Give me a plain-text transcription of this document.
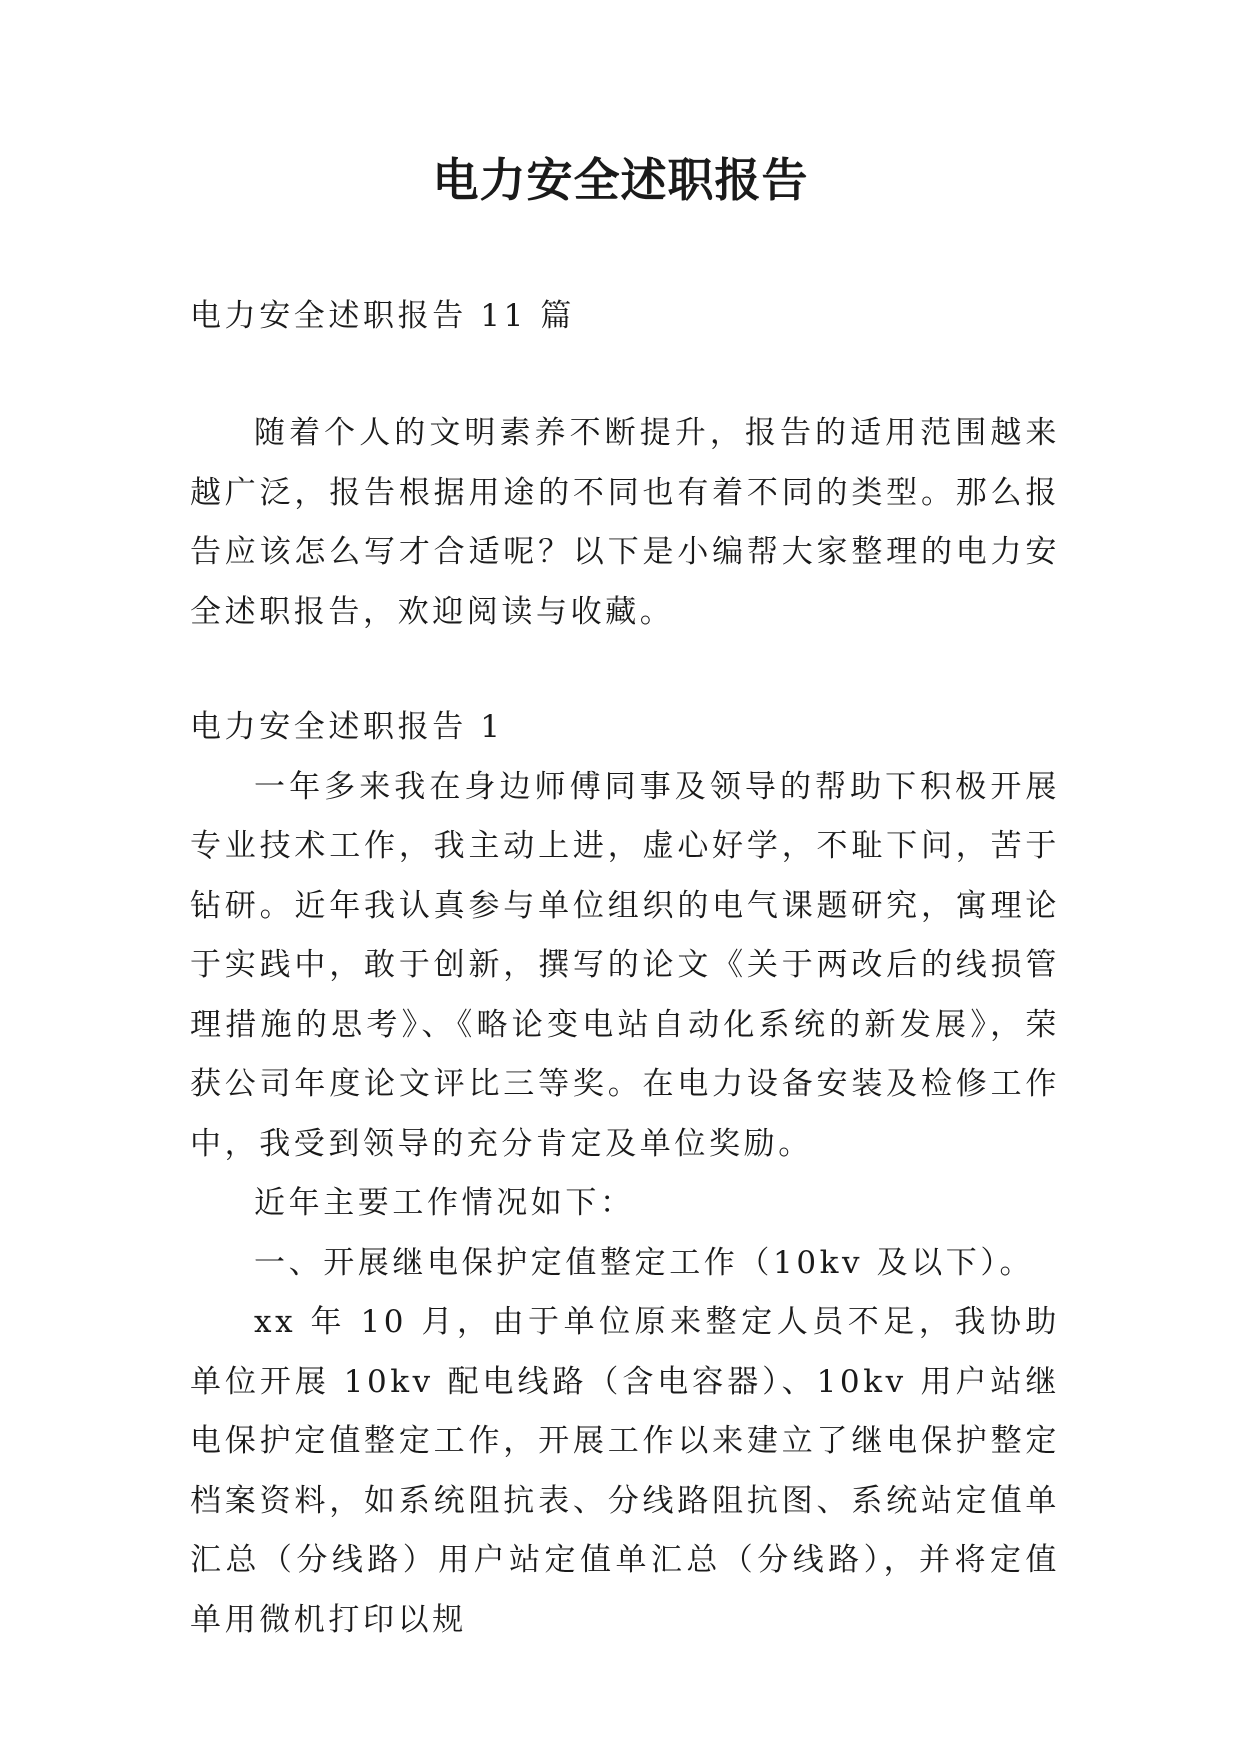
电力安全述职报告
电力安全述职报告 11 篇
随着个人的文明素养不断提升，报告的适用范围越来越广泛，报告根据用途的不同也有着不同的类型。那么报告应该怎么写才合适呢？以下是小编帮大家整理的电力安全述职报告，欢迎阅读与收藏。

电力安全述职报告 1

一年多来我在身边师傅同事及领导的帮助下积极开展专业技术工作，我主动上进，虚心好学，不耻下问，苦于钻研。近年我认真参与单位组织的电气课题研究，寓理论于实践中，敢于创新，撰写的论文《关于两改后的线损管理措施的思考》、《略论变电站自动化系统的新发展》，荣获公司年度论文评比三等奖。在电力设备安装及检修工作中，我受到领导的充分肯定及单位奖励。

近年主要工作情况如下：

一、开展继电保护定值整定工作（10kv 及以下）。

xx 年 10 月，由于单位原来整定人员不足，我协助单位开展 10kv 配电线路（含电容器）、10kv 用户站继电保护定值整定工作，开展工作以来建立了继电保护整定档案资料，如系统阻抗表、分线路阻抗图、系统站定值单汇总（分线路）用户站定值单汇总（分线路），并将定值单用微机打印以规
